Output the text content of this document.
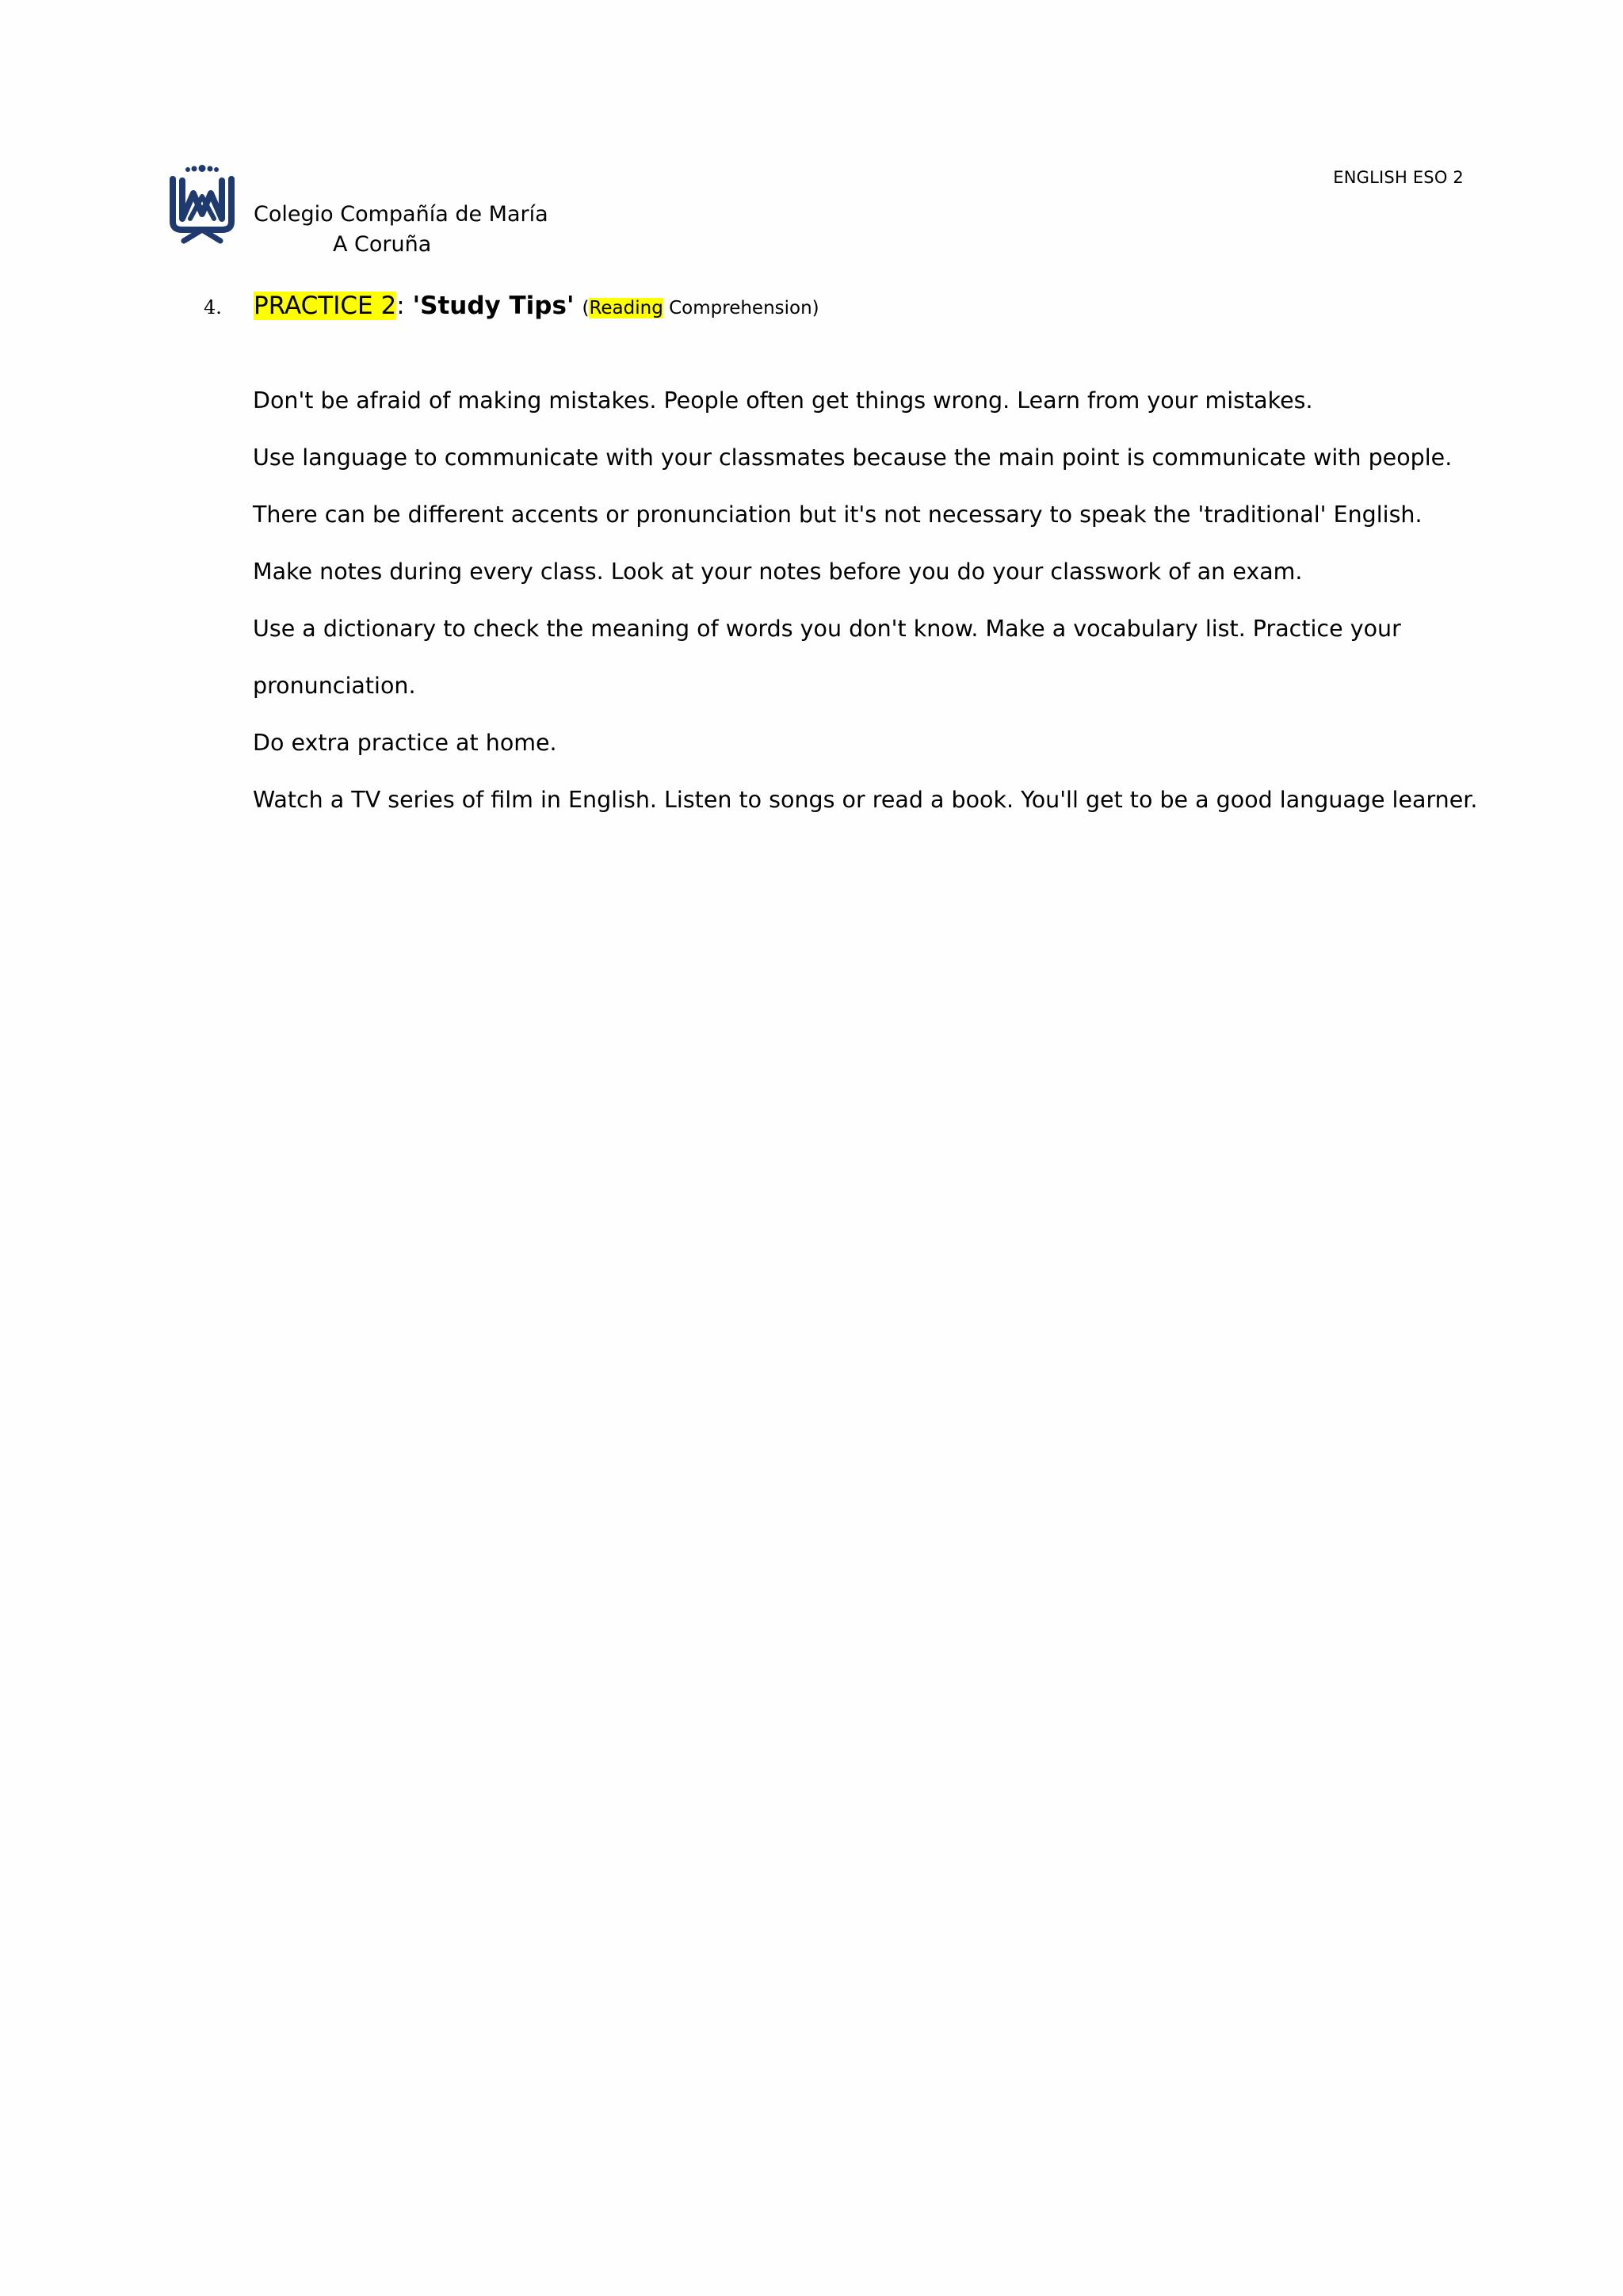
ENGLISH ESO 2
Colegio Compañía de María
A Coruña
4.	PRACTICE 2 : 'Study Tips' (Reading Comprehension)
Don't be afraid of making mistakes. People often get things wrong. Learn from your mistakes.
Use language to communicate with your classmates because the main point is communicate with people.
There can be different accents or pronunciation but it's not necessary to speak the 'traditional' English.
Make notes during every class. Look at your notes before you do your classwork of an exam.
Use a dictionary to check the meaning of words you don't know. Make a vocabulary list. Practice your
pronunciation.
Do extra practice at home.
Watch a TV series of film in English. Listen to songs or read a book. You'll get to be a good language learner.
